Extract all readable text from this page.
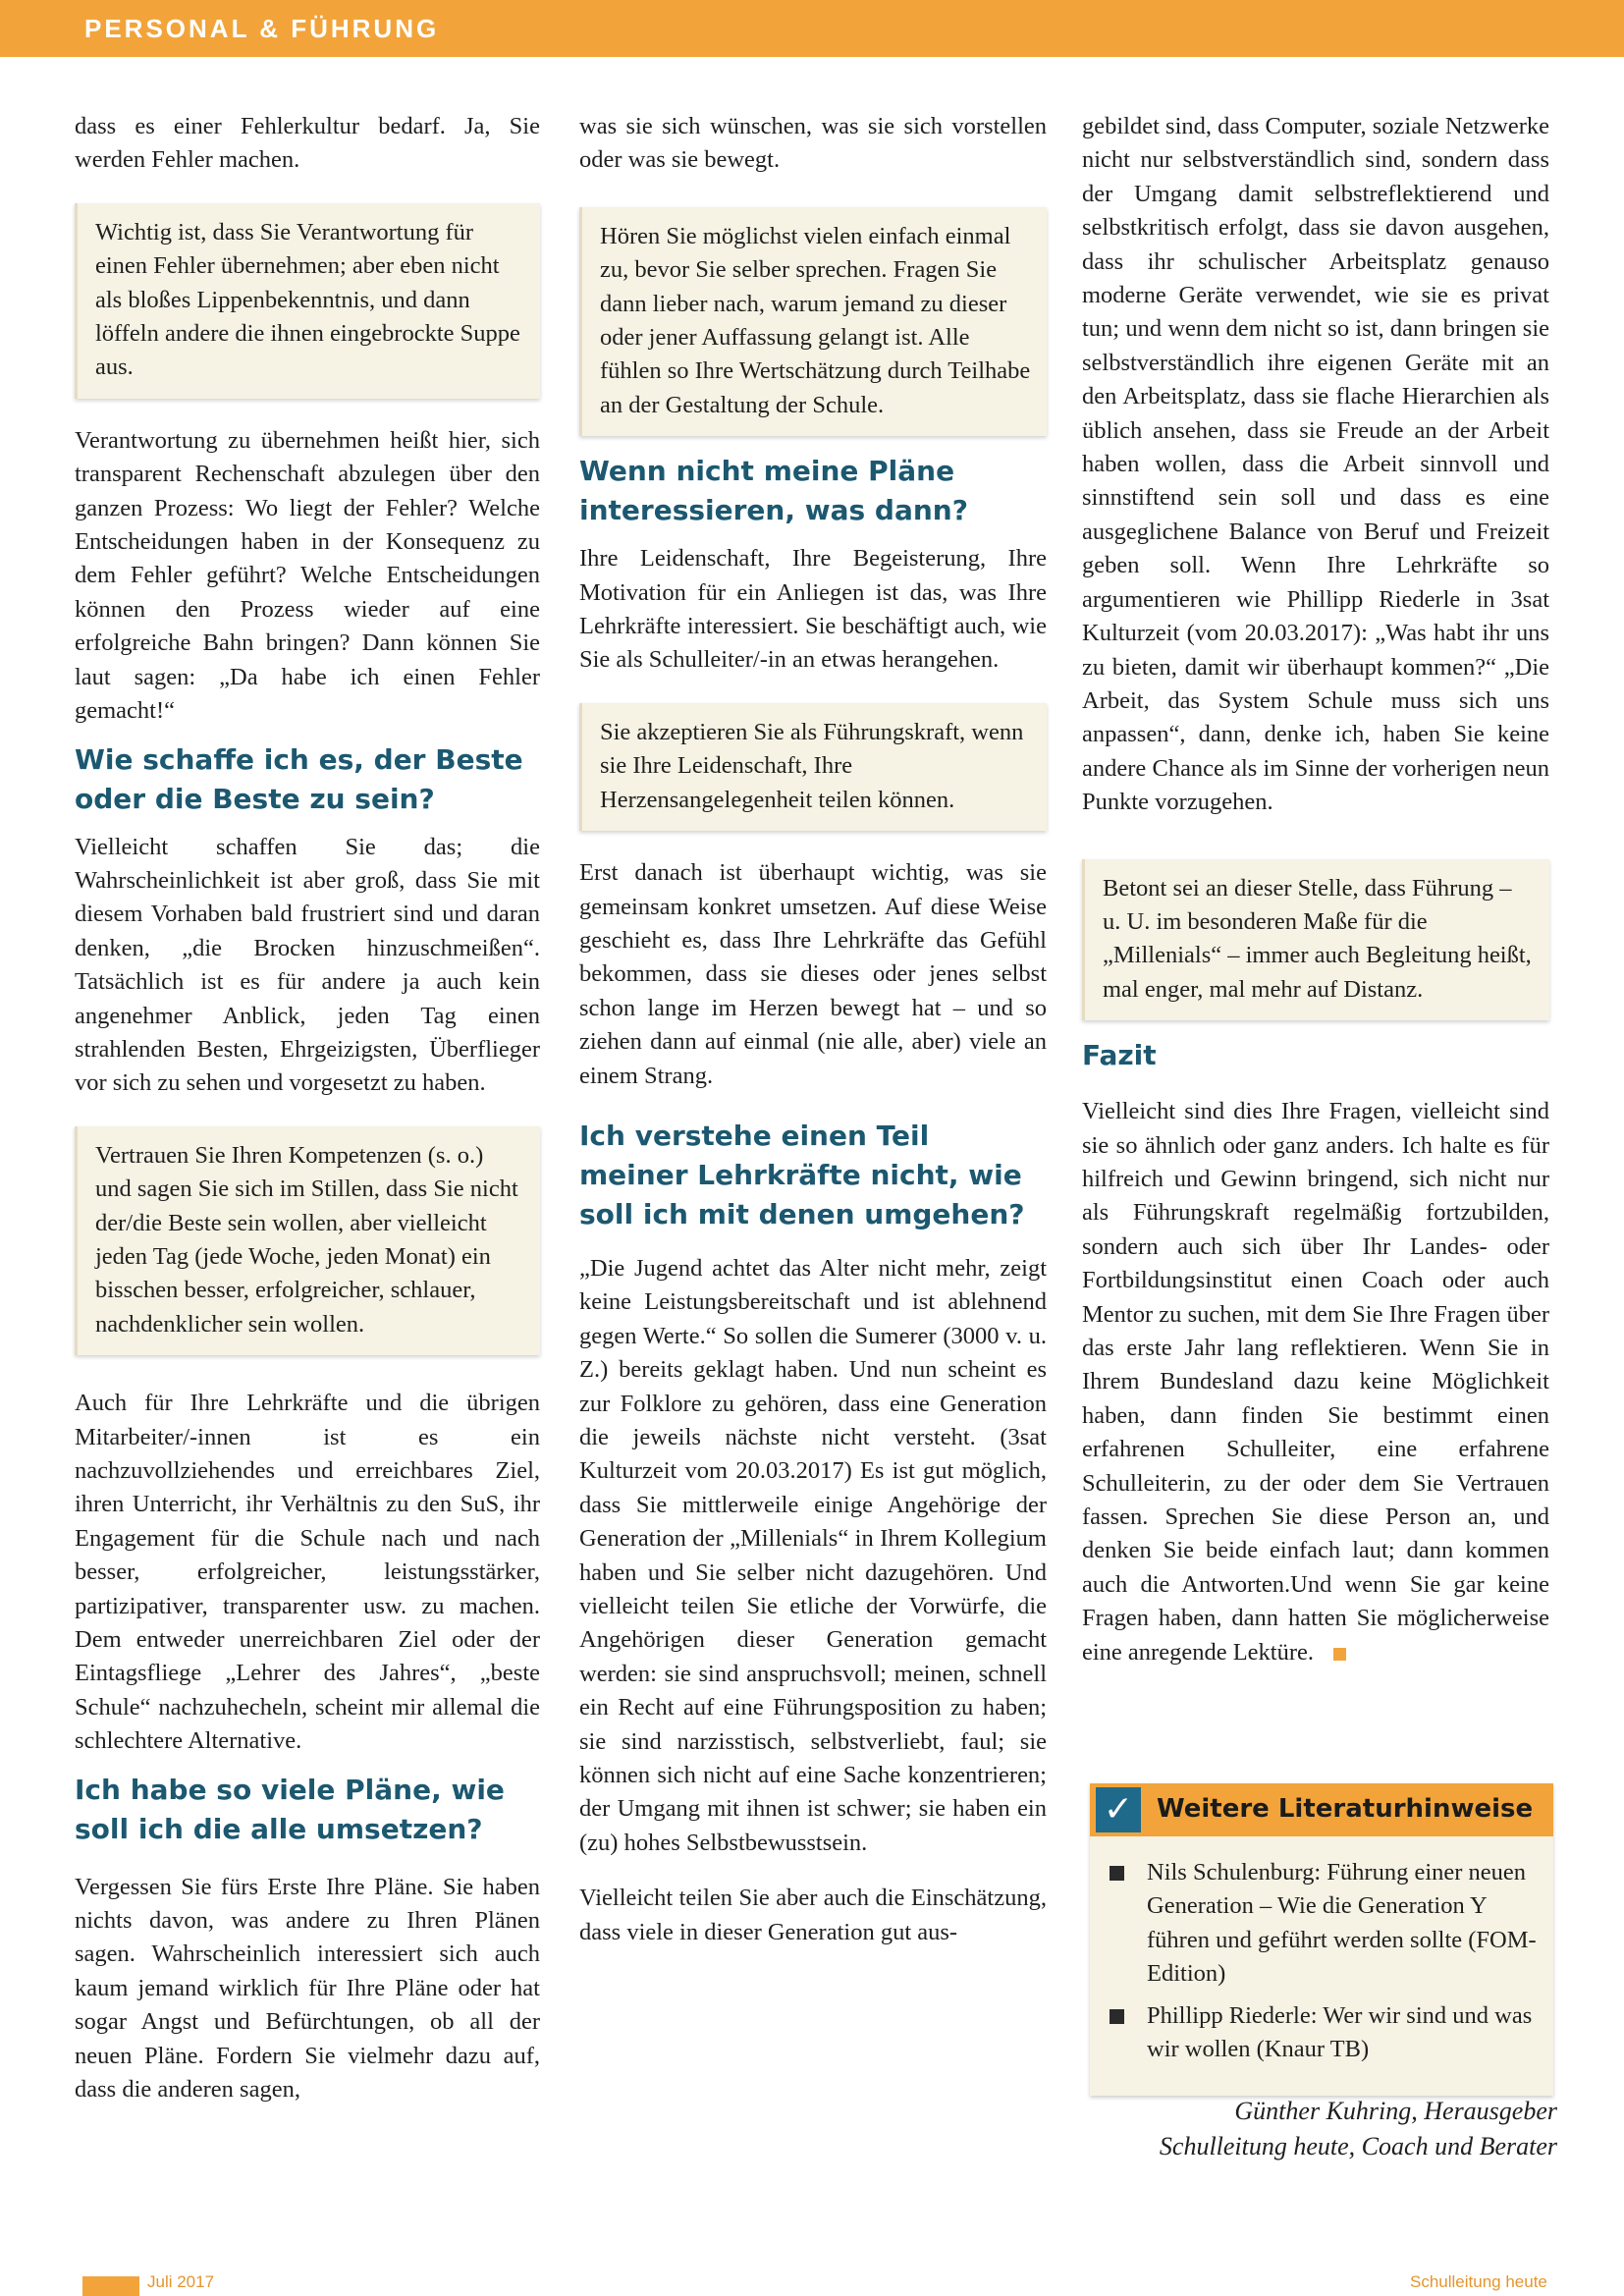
PERSONAL & FÜHRUNG

dass es einer Fehlerkultur bedarf. Ja, Sie werden Fehler machen.

Wichtig ist, dass Sie Verantwortung für einen Fehler übernehmen; aber eben nicht als bloßes Lippenbekenntnis, und dann löffeln andere die ihnen eingebrockte Suppe aus.

Verantwortung zu übernehmen heißt hier, sich transparent Rechenschaft abzulegen über den ganzen Prozess: Wo liegt der Fehler? Welche Entscheidungen haben in der Konsequenz zu dem Fehler geführt? Welche Entscheidungen können den Prozess wieder auf eine erfolgreiche Bahn bringen? Dann können Sie laut sagen: „Da habe ich einen Fehler gemacht!“

Wie schaffe ich es, der Beste oder die Beste zu sein?

Vielleicht schaffen Sie das; die Wahrscheinlichkeit ist aber groß, dass Sie mit diesem Vorhaben bald frustriert sind und daran denken, „die Brocken hinzuschmeißen“. Tatsächlich ist es für andere ja auch kein angenehmer Anblick, jeden Tag einen strahlenden Besten, Ehrgeizigsten, Überflieger vor sich zu sehen und vorgesetzt zu haben.

Vertrauen Sie Ihren Kompetenzen (s. o.) und sagen Sie sich im Stillen, dass Sie nicht der/die Beste sein wollen, aber vielleicht jeden Tag (jede Woche, jeden Monat) ein bisschen besser, erfolgreicher, schlauer, nachdenklicher sein wollen.

Auch für Ihre Lehrkräfte und die übrigen Mitarbeiter/-innen ist es ein nachzuvollziehendes und erreichbares Ziel, ihren Unterricht, ihr Verhältnis zu den SuS, ihr Engagement für die Schule nach und nach besser, erfolgreicher, leistungsstärker, partizipativer, transparenter usw. zu machen. Dem entweder unerreichbaren Ziel oder der Eintagsfliege „Lehrer des Jahres“, „beste Schule“ nachzuhecheln, scheint mir allemal die schlechtere Alternative.

Ich habe so viele Pläne, wie soll ich die alle umsetzen?

Vergessen Sie fürs Erste Ihre Pläne. Sie haben nichts davon, was andere zu Ihren Plänen sagen. Wahrscheinlich interessiert sich auch kaum jemand wirklich für Ihre Pläne oder hat sogar Angst und Befürchtungen, ob all der neuen Pläne. Fordern Sie vielmehr dazu auf, dass die anderen sagen,

was sie sich wünschen, was sie sich vorstellen oder was sie bewegt.

Hören Sie möglichst vielen einfach einmal zu, bevor Sie selber sprechen. Fragen Sie dann lieber nach, warum jemand zu dieser oder jener Auffassung gelangt ist. Alle fühlen so Ihre Wertschätzung durch Teilhabe an der Gestaltung der Schule.

Wenn nicht meine Pläne interessieren, was dann?

Ihre Leidenschaft, Ihre Begeisterung, Ihre Motivation für ein Anliegen ist das, was Ihre Lehrkräfte interessiert. Sie beschäftigt auch, wie Sie als Schulleiter/-in an etwas herangehen.

Sie akzeptieren Sie als Führungskraft, wenn sie Ihre Leidenschaft, Ihre Herzensangelegenheit teilen können.

Erst danach ist überhaupt wichtig, was sie gemeinsam konkret umsetzen. Auf diese Weise geschieht es, dass Ihre Lehrkräfte das Gefühl bekommen, dass sie dieses oder jenes selbst schon lange im Herzen bewegt hat – und so ziehen dann auf einmal (nie alle, aber) viele an einem Strang.

Ich verstehe einen Teil meiner Lehrkräfte nicht, wie soll ich mit denen umgehen?

„Die Jugend achtet das Alter nicht mehr, zeigt keine Leistungsbereitschaft und ist ablehnend gegen Werte.“ So sollen die Sumerer (3000 v. u. Z.) bereits geklagt haben. Und nun scheint es zur Folklore zu gehören, dass eine Generation die jeweils nächste nicht versteht. (3sat Kulturzeit vom 20.03.2017) Es ist gut möglich, dass Sie mittlerweile einige Angehörige der Generation der „Millenials“ in Ihrem Kollegium haben und Sie selber nicht dazugehören. Und vielleicht teilen Sie etliche der Vorwürfe, die Angehörigen dieser Generation gemacht werden: sie sind anspruchsvoll; meinen, schnell ein Recht auf eine Führungsposition zu haben; sie sind narzisstisch, selbstverliebt, faul; sie können sich nicht auf eine Sache konzentrieren; der Umgang mit ihnen ist schwer; sie haben ein (zu) hohes Selbstbewusstsein.

Vielleicht teilen Sie aber auch die Einschätzung, dass viele in dieser Generation gut aus-

gebildet sind, dass Computer, soziale Netzwerke nicht nur selbstverständlich sind, sondern dass der Umgang damit selbstreflektierend und selbstkritisch erfolgt, dass sie davon ausgehen, dass ihr schulischer Arbeitsplatz genauso moderne Geräte verwendet, wie sie es privat tun; und wenn dem nicht so ist, dann bringen sie selbstverständlich ihre eigenen Geräte mit an den Arbeitsplatz, dass sie flache Hierarchien als üblich ansehen, dass sie Freude an der Arbeit haben wollen, dass die Arbeit sinnvoll und sinnstiftend sein soll und dass es eine ausgeglichene Balance von Beruf und Freizeit geben soll. Wenn Ihre Lehrkräfte so argumentieren wie Phillipp Riederle in 3sat Kulturzeit (vom 20.03.2017): „Was habt ihr uns zu bieten, damit wir überhaupt kommen?“ „Die Arbeit, das System Schule muss sich uns anpassen“, dann, denke ich, haben Sie keine andere Chance als im Sinne der vorherigen neun Punkte vorzugehen.

Betont sei an dieser Stelle, dass Führung – u. U. im besonderen Maße für die „Millenials“ – immer auch Begleitung heißt, mal enger, mal mehr auf Distanz.

Fazit

Vielleicht sind dies Ihre Fragen, vielleicht sind sie so ähnlich oder ganz anders. Ich halte es für hilfreich und Gewinn bringend, sich nicht nur als Führungskraft regelmäßig fortzubilden, sondern auch sich über Ihr Landes- oder Fortbildungsinstitut einen Coach oder auch Mentor zu suchen, mit dem Sie Ihre Fragen über das erste Jahr lang reflektieren. Wenn Sie in Ihrem Bundesland dazu keine Möglichkeit haben, dann finden Sie bestimmt einen erfahrenen Schulleiter, eine erfahrene Schulleiterin, zu der oder dem Sie Vertrauen fassen. Sprechen Sie diese Person an, und denken Sie beide einfach laut; dann kommen auch die Antworten.Und wenn Sie gar keine Fragen haben, dann hatten Sie möglicherweise eine anregende Lektüre.

✓ Weitere Literaturhinweise
Nils Schulenburg: Führung einer neuen Generation – Wie die Generation Y führen und geführt werden sollte (FOM-Edition)
Phillipp Riederle: Wer wir sind und was wir wollen (Knaur TB)
Günther Kuhring, Herausgeber
Schulleitung heute, Coach und Berater
Juli 2017	Schulleitung heute
